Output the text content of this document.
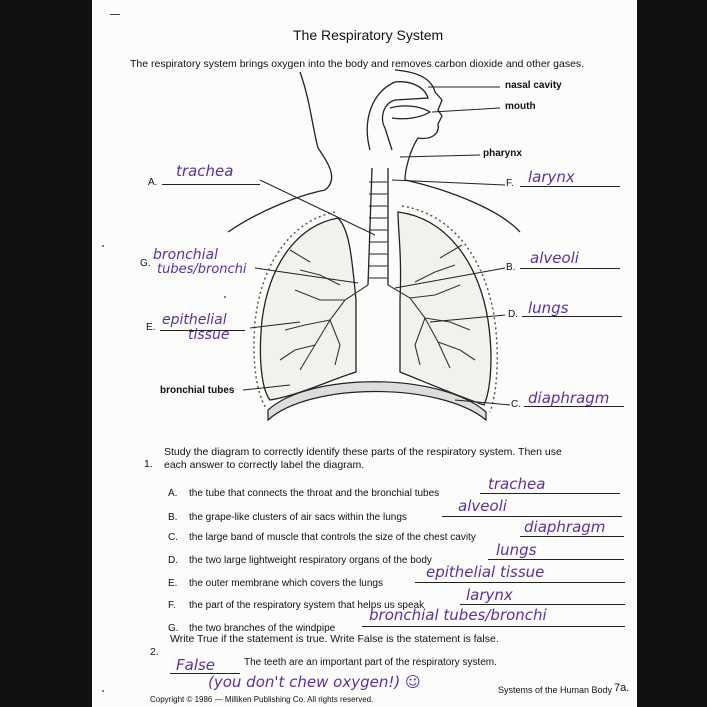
The Respiratory System
The respiratory system brings oxygen into the body and removes carbon dioxide and other gases.
nasal cavity
mouth
pharynx
bronchial tubes
A.
trachea
F. larynx
G.
bronchial
tubes/bronchi	B.
alveoli
E. epithelial
tissue
D. lungs
C. diaphragm
1.
Study the diagram to correctly identify these parts of the respiratory system. Then use
each answer to correctly label the diagram.
A. the tube that connects the throat and the bronchial tubes
trachea
B. the grape-like clusters of air sacs within the lungs
alveoli
C. the large band of muscle that controls the size of the chest cavity
diaphragm
D. the two large lightweight respiratory organs of the body
lungs
E. the outer membrane which covers the lungs
epithelial tissue
F. the part of the respiratory system that helps us speak
larynx
G. the two branches of the windpipe
bronchial tubes/bronchi
2.
Write True if the statement is true. Write False is the statement is false.
False	The teeth are an important part of the respiratory system.
(you don't chew oxygen!) ☺
Copyright © 1986 — Milliken Publishing Co. All rights reserved.
Systems of the Human Body 7a.
